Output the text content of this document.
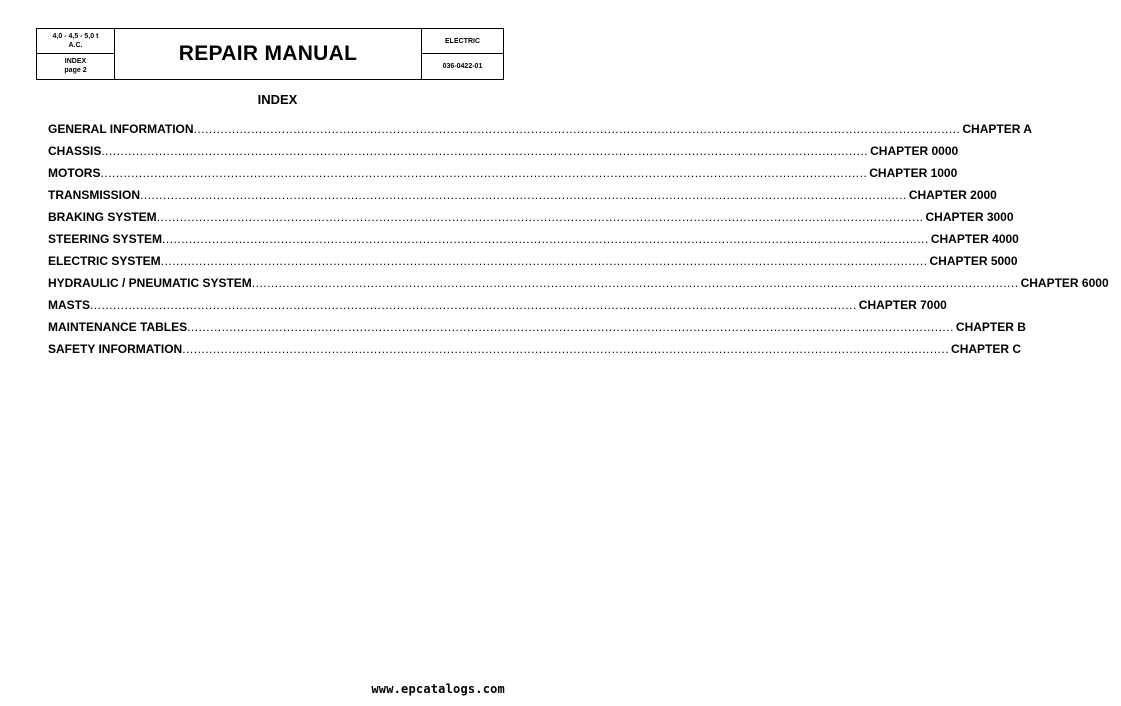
4,0 - 4,5 - 5,0 t
A.C.
INDEX
page 2
REPAIR MANUAL
ELECTRIC
036-0422-01
INDEX
GENERAL INFORMATION ........................................................................................................................................................................................................ CHAPTER A
CHASSIS ........................................................................................................................................................................................................ CHAPTER 0000
MOTORS ........................................................................................................................................................................................................ CHAPTER 1000
TRANSMISSION ........................................................................................................................................................................................................ CHAPTER 2000
BRAKING SYSTEM ........................................................................................................................................................................................................ CHAPTER 3000
STEERING SYSTEM ........................................................................................................................................................................................................ CHAPTER 4000
ELECTRIC SYSTEM ........................................................................................................................................................................................................ CHAPTER 5000
HYDRAULIC / PNEUMATIC SYSTEM ........................................................................................................................................................................................................ CHAPTER 6000
MASTS ........................................................................................................................................................................................................ CHAPTER 7000
MAINTENANCE TABLES ........................................................................................................................................................................................................ CHAPTER B
SAFETY INFORMATION ........................................................................................................................................................................................................ CHAPTER C
www.epcatalogs.com
